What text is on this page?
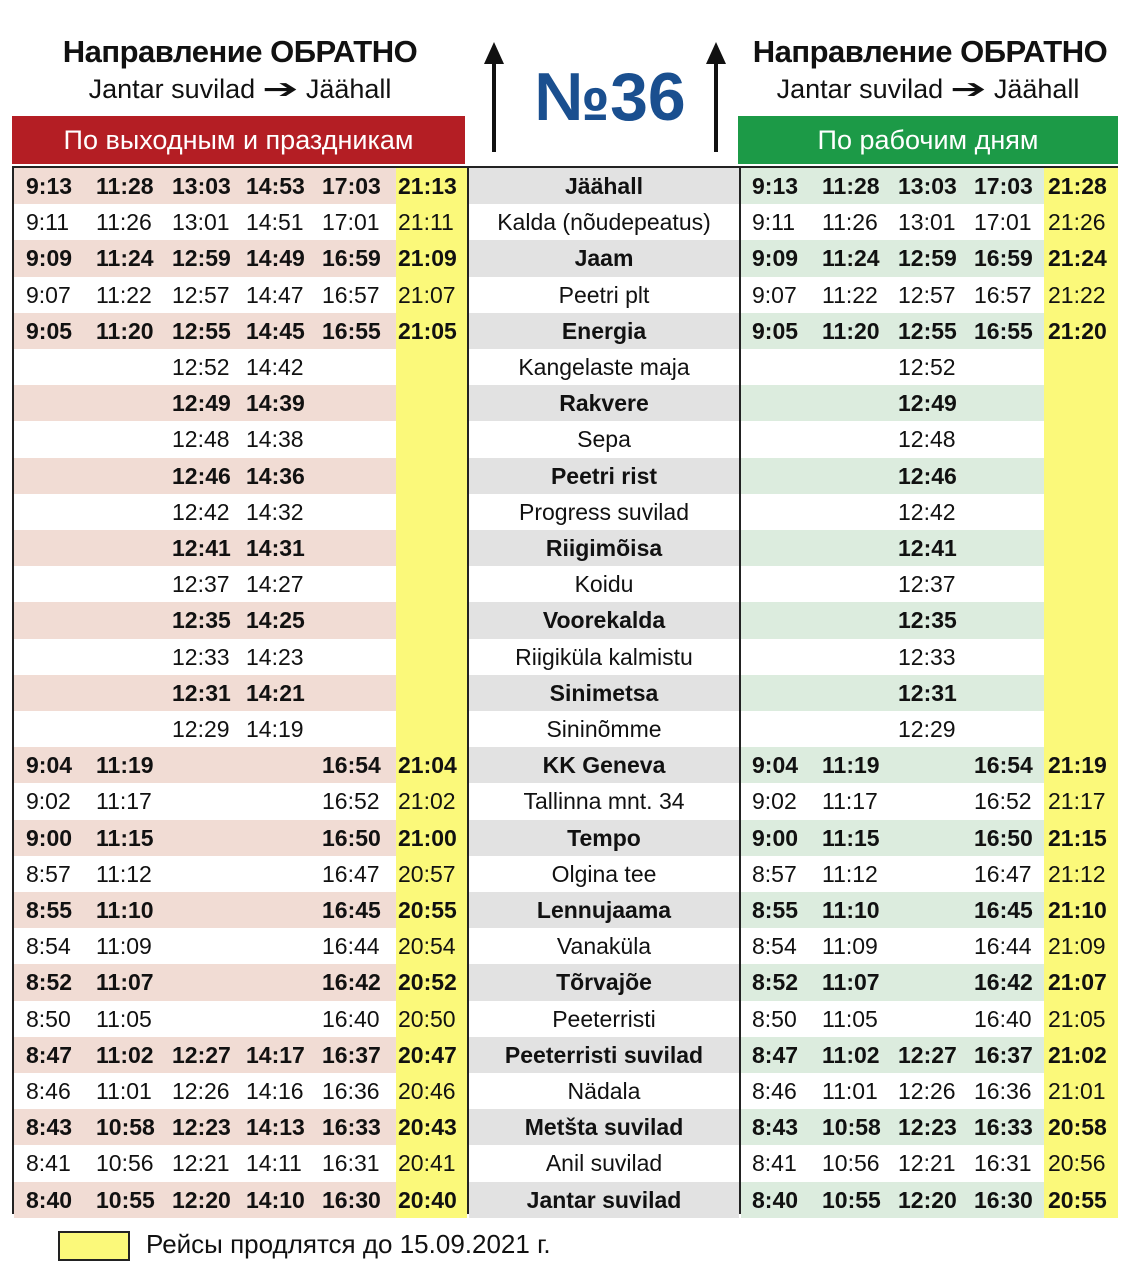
Направление ОБРАТНО
Jantar suvilad ➔ Jäähall	№36
Направление ОБРАТНО
Jantar suvilad ➔ Jäähall
По выходным и праздникам	По рабочим дням
9:13 11:28 13:03 14:53 17:03 21:13	Jäähall	9:13 11:28 13:03 17:03 21:28
9:11 11:26 13:01 14:51 17:01 21:11	Kalda (nõudepeatus)	9:11 11:26 13:01 17:01 21:26
9:09 11:24 12:59 14:49 16:59 21:09	Jaam	9:09 11:24 12:59 16:59 21:24
9:07 11:22 12:57 14:47 16:57 21:07	Peetri plt	9:07 11:22 12:57 16:57 21:22
9:05 11:20 12:55 14:45 16:55 21:05	Energia	9:05 11:20 12:55 16:55 21:20
12:52 14:42	Kangelaste maja	12:52
12:49 14:39	Rakvere	12:49
12:48 14:38	Sepa	12:48
12:46 14:36	Peetri rist	12:46
12:42 14:32	Progress suvilad	12:42
12:41 14:31	Riigimõisa	12:41
12:37 14:27	Koidu	12:37
12:35 14:25	Voorekalda	12:35
12:33 14:23	Riigiküla kalmistu	12:33
12:31 14:21	Sinimetsa	12:31
12:29 14:19	Sininõmme	12:29
9:04 11:19	16:54 21:04	KK Geneva	9:04 11:19	16:54 21:19
9:02 11:17	16:52 21:02	Tallinna mnt. 34	9:02 11:17	16:52 21:17
9:00 11:15	16:50 21:00	Tempo	9:00 11:15	16:50 21:15
8:57 11:12	16:47 20:57	Olgina tee	8:57 11:12	16:47 21:12
8:55 11:10	16:45 20:55	Lennujaama	8:55 11:10	16:45 21:10
8:54 11:09	16:44 20:54	Vanaküla	8:54 11:09	16:44 21:09
8:52 11:07	16:42 20:52	Tõrvajõe	8:52 11:07	16:42 21:07
8:50 11:05	16:40 20:50	Peeterristi	8:50 11:05	16:40 21:05
8:47 11:02 12:27 14:17 16:37 20:47	Peeterristi suvilad	8:47 11:02 12:27 16:37 21:02
8:46 11:01 12:26 14:16 16:36 20:46	Nädala	8:46 11:01 12:26 16:36 21:01
8:43 10:58 12:23 14:13 16:33 20:43	Metšta suvilad	8:43 10:58 12:23 16:33 20:58
8:41 10:56 12:21 14:11 16:31 20:41	Anil suvilad	8:41 10:56 12:21 16:31 20:56
8:40 10:55 12:20 14:10 16:30 20:40	Jantar suvilad	8:40 10:55 12:20 16:30 20:55
Рейсы продлятся до 15.09.2021 г.
